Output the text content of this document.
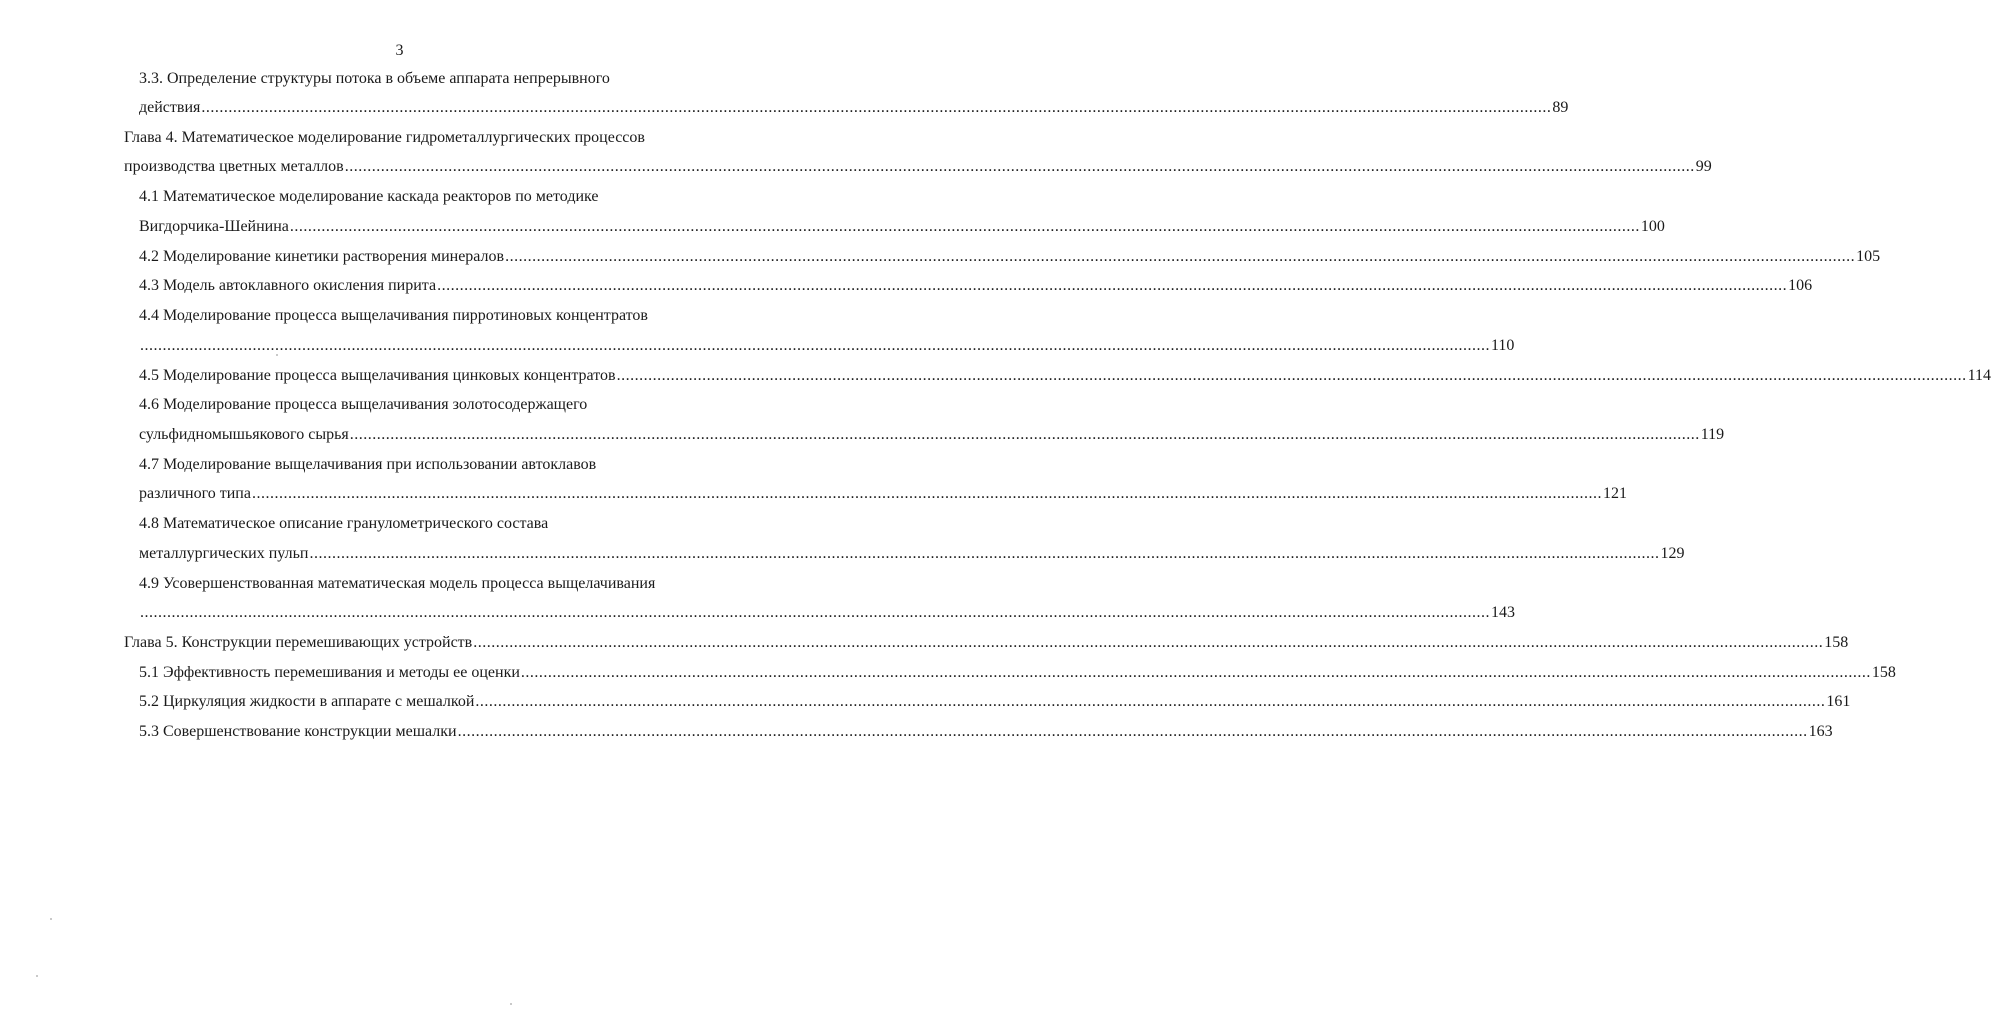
3
3.3. Определение структуры потока в объеме аппарата непрерывного
действия ............................................................................................................................................................................................................................................................................................................ 89
Глава 4. Математическое моделирование гидрометаллургических процессов
производства цветных металлов ............................................................................................................................................................................................................................................................................................................ 99
4.1 Математическое моделирование каскада реакторов по методике
Вигдорчика-Шейнина ............................................................................................................................................................................................................................................................................................................ 100
4.2 Моделирование кинетики растворения минералов ............................................................................................................................................................................................................................................................................................................ 105
4.3 Модель автоклавного окисления пирита ............................................................................................................................................................................................................................................................................................................ 106
4.4 Моделирование процесса выщелачивания пирротиновых концентратов
............................................................................................................................................................................................................................................................................................................ 110
4.5 Моделирование процесса выщелачивания цинковых концентратов ............................................................................................................................................................................................................................................................................................................ 114
4.6 Моделирование процесса выщелачивания золотосодержащего
сульфидномышьякового сырья ............................................................................................................................................................................................................................................................................................................ 119
4.7 Моделирование выщелачивания при использовании автоклавов
различного типа ............................................................................................................................................................................................................................................................................................................ 121
4.8 Математическое описание гранулометрического состава
металлургических пульп ............................................................................................................................................................................................................................................................................................................ 129
4.9 Усовершенствованная математическая модель процесса выщелачивания
............................................................................................................................................................................................................................................................................................................ 143
Глава 5. Конструкции перемешивающих устройств ............................................................................................................................................................................................................................................................................................................ 158
5.1 Эффективность перемешивания и методы ее оценки ............................................................................................................................................................................................................................................................................................................ 158
5.2 Циркуляция жидкости в аппарате с мешалкой ............................................................................................................................................................................................................................................................................................................ 161
5.3 Совершенствование конструкции мешалки ............................................................................................................................................................................................................................................................................................................ 163
